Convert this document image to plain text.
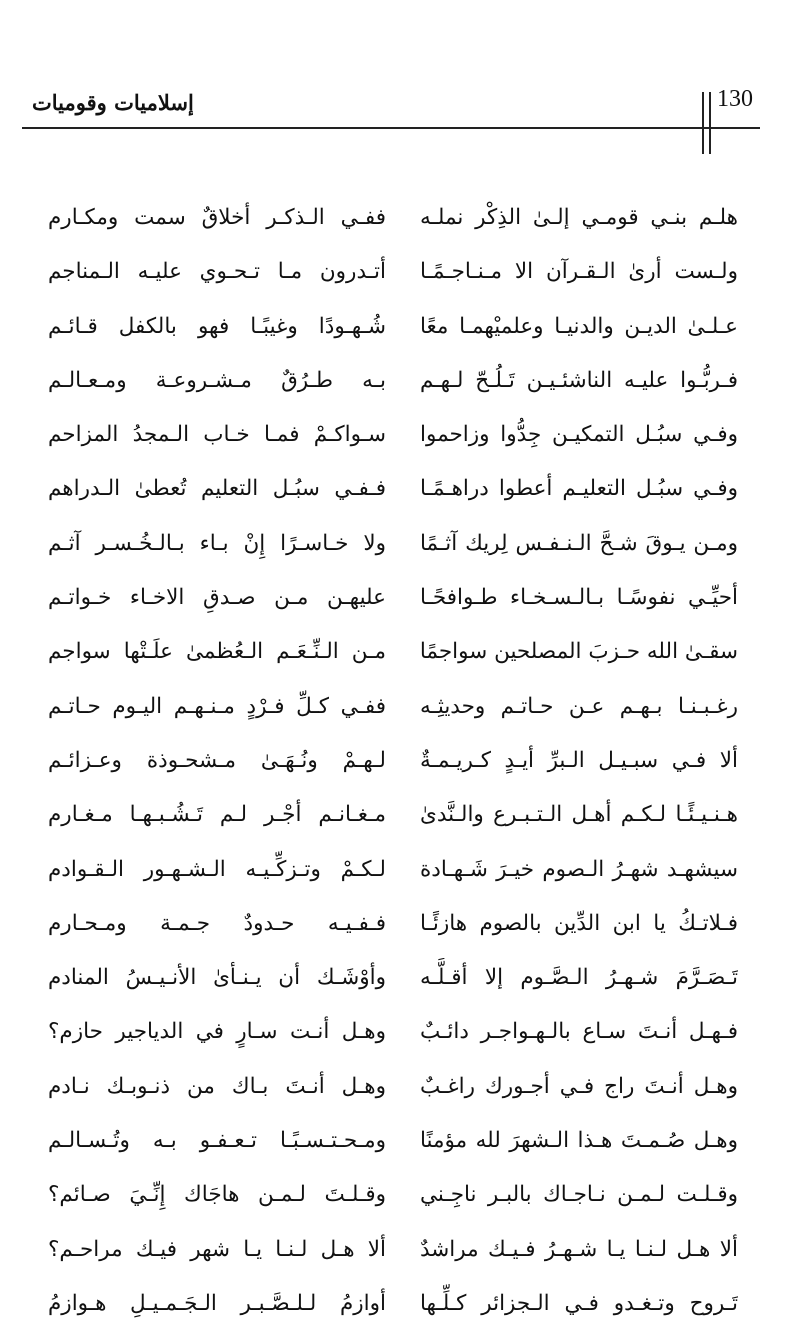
إسلاميات وقوميات	130
هلـم بنـي قومـي إلـىٰ الذِكْر نملـه
ففـي الـذكـر أخلاقٌ سمت ومكـارم
ولـست أرىٰ الـقـرآن الا مـنـاجـمًـا
أتـدرون مـا تـحـوي عليـه الـمناجم
عـلـىٰ الديـن والدنيـا وعلميْهمـا معًا
شُـهـودًا وغيبًـا فهو بالكفل قـائـم
فـربُّـوا عليـه الناشئـيـن تَـلُـحّ لـهـم
بـه طـرُقٌ مـشـروعـة ومـعـالـم
وفـي سبُـل التمكيـن جِدُّوا وزاحموا
سـواكـمْ فمـا خـاب الـمجدُ المزاحم
وفـي سبُـل التعليـم أعطوا دراهـمًـا
فـفـي سبُـل التعليم تُعطىٰ الـدراهم
ومـن يـوقَ شـحَّ الـنـفـس لِريك آثـمًا
ولا خـاسـرًا إِنْ بـاء بـالـخُـسـر آثـم
أحيِّـي نفوسًـا بـالـسـخـاء طـوافحًـا
عليهـن مـن صـدقِ الاخـاء خـواتـم
سقـىٰ الله حـزبَ المصلحين سواجمًا
مـن الـنِّـعَـم الـعُظمىٰ علَـتْها سواجم
رغـبـنـا بـهـم عـن حـاتـم وحديثِـه
ففـي كـلِّ فـرْدٍ مـنـهـم اليـوم حـاتـم
ألا فـي سبـيـل الـبرِّ أيـدٍ كـريـمـةٌ
لـهـمْ ونُـهَـىٰ مـشحـوذة وعـزائـم
هـنـيـئًـا لـكـم أهـل الـتـبـرع والـنَّدىٰ
مـغـانـم أجْـر لـم تَـشُـبـهـا مـغـارم
سيشهـد شهـرُ الـصوم خيـرَ شَـهـادة
لـكـمْ وتـزكِّـيـه الـشـهـور الـقـوادم
فـلاتـكُ يا ابن الدِّين بالصوم هازئًـا
فـفـيـه حـدودٌ جـمـة ومـحـارم
تَـصَـرَّمَ شـهـرُ الـصَّـوم إلا أقـلَّـه
وأوْشَـك أن يـنـأىٰ الأنـيـسُ المنادم
فـهـل أنـتَ سـاع بالـهـواجـر دائـبٌ
وهـل أنـت سـارٍ في الدياجير حازم؟
وهـل أنـتَ راج فـي أجـورك راغـبٌ
وهـل أنـتَ بـاك من ذنـوبـك نـادم
وهـل صُـمـتَ هـذا الـشهرَ لله مؤمنًا
ومـحـتـسـبًـا تـعـفـو بـه وتُـسـالـم
وقـلـت لـمـن نـاجـاك بالبـر ناجِـني
وقـلـتَ لـمـن هاجَاك إِنِّـيَ صـائم؟
ألا هـل لـنـا يـا شـهـرُ فـيـك مراشدٌ
ألا هـل لـنـا يـا شهر فيـك مراحـم؟
تَـروح وتـغـدو فـي الـجزائر كـلِّـها
أوازمُ لـلـصَّـبـر الـجَـمـيـلِ هـوازمُ
